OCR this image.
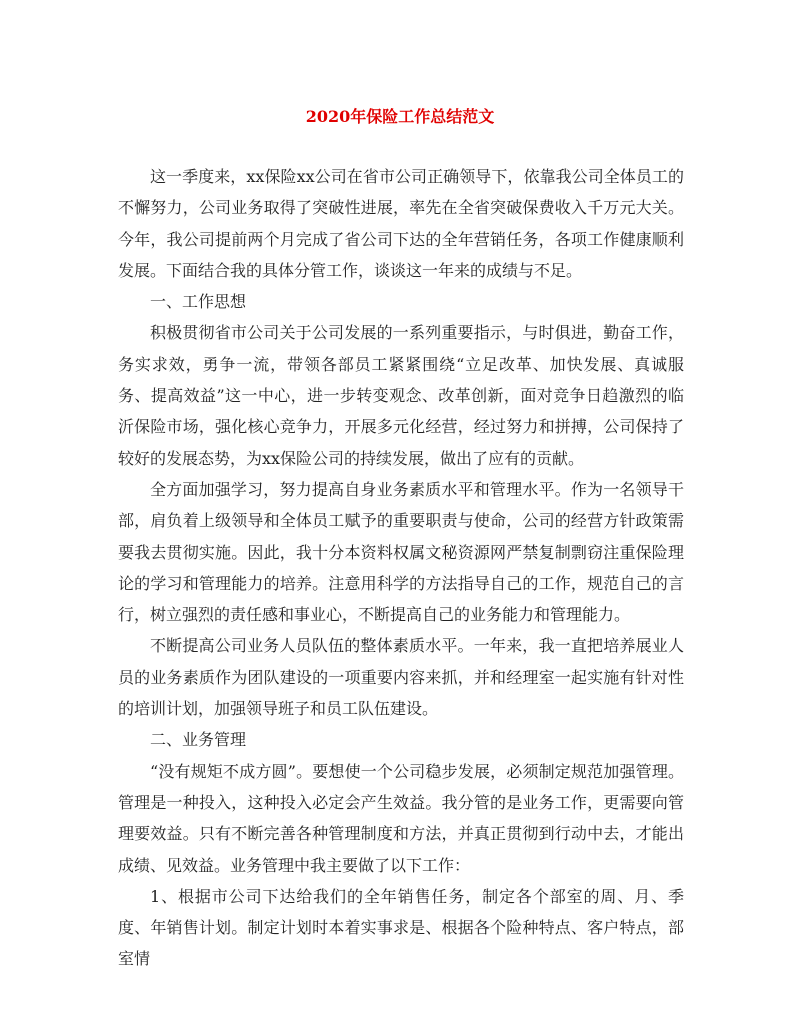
2020年保险工作总结范文

这一季度来，xx保险xx公司在省市公司正确领导下，依靠我公司全体员工的不懈努力，公司业务取得了突破性进展，率先在全省突破保费收入千万元大关。今年，我公司提前两个月完成了省公司下达的全年营销任务，各项工作健康顺利发展。下面结合我的具体分管工作，谈谈这一年来的成绩与不足。

一、工作思想

积极贯彻省市公司关于公司发展的一系列重要指示，与时俱进，勤奋工作，务实求效，勇争一流，带领各部员工紧紧围绕“立足改革、加快发展、真诚服务、提高效益”这一中心，进一步转变观念、改革创新，面对竞争日趋激烈的临沂保险市场，强化核心竞争力，开展多元化经营，经过努力和拼搏，公司保持了较好的发展态势，为xx保险公司的持续发展，做出了应有的贡献。

全方面加强学习，努力提高自身业务素质水平和管理水平。作为一名领导干部，肩负着上级领导和全体员工赋予的重要职责与使命，公司的经营方针政策需要我去贯彻实施。因此，我十分本资料权属文秘资源网严禁复制剽窃注重保险理论的学习和管理能力的培养。注意用科学的方法指导自己的工作，规范自己的言行，树立强烈的责任感和事业心，不断提高自己的业务能力和管理能力。

不断提高公司业务人员队伍的整体素质水平。一年来，我一直把培养展业人员的业务素质作为团队建设的一项重要内容来抓，并和经理室一起实施有针对性的培训计划，加强领导班子和员工队伍建设。

二、业务管理

“没有规矩不成方圆”。要想使一个公司稳步发展，必须制定规范加强管理。管理是一种投入，这种投入必定会产生效益。我分管的是业务工作，更需要向管理要效益。只有不断完善各种管理制度和方法，并真正贯彻到行动中去，才能出成绩、见效益。业务管理中我主要做了以下工作：

1、根据市公司下达给我们的全年销售任务，制定各个部室的周、月、季度、年销售计划。制定计划时本着实事求是、根据各个险种特点、客户特点，部室情
